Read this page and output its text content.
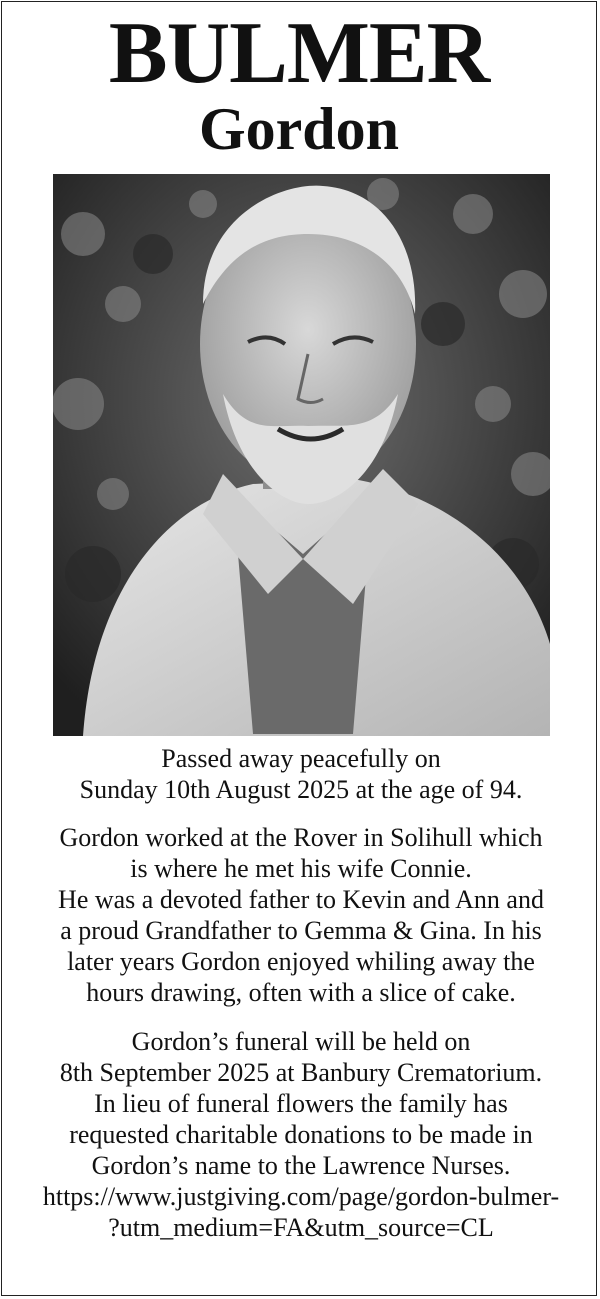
BULMER
Gordon
Passed away peacefully on
Sunday 10th August 2025 at the age of 94.
Gordon worked at the Rover in Solihull which
is where he met his wife Connie.
He was a devoted father to Kevin and Ann and
a proud Grandfather to Gemma & Gina. In his
later years Gordon enjoyed whiling away the
hours drawing, often with a slice of cake.
Gordon’s funeral will be held on
8th September 2025 at Banbury Crematorium.
In lieu of funeral flowers the family has
requested charitable donations to be made in
Gordon’s name to the Lawrence Nurses.
https://www.justgiving.com/page/gordon-bulmer-
?utm_medium=FA&utm_source=CL
